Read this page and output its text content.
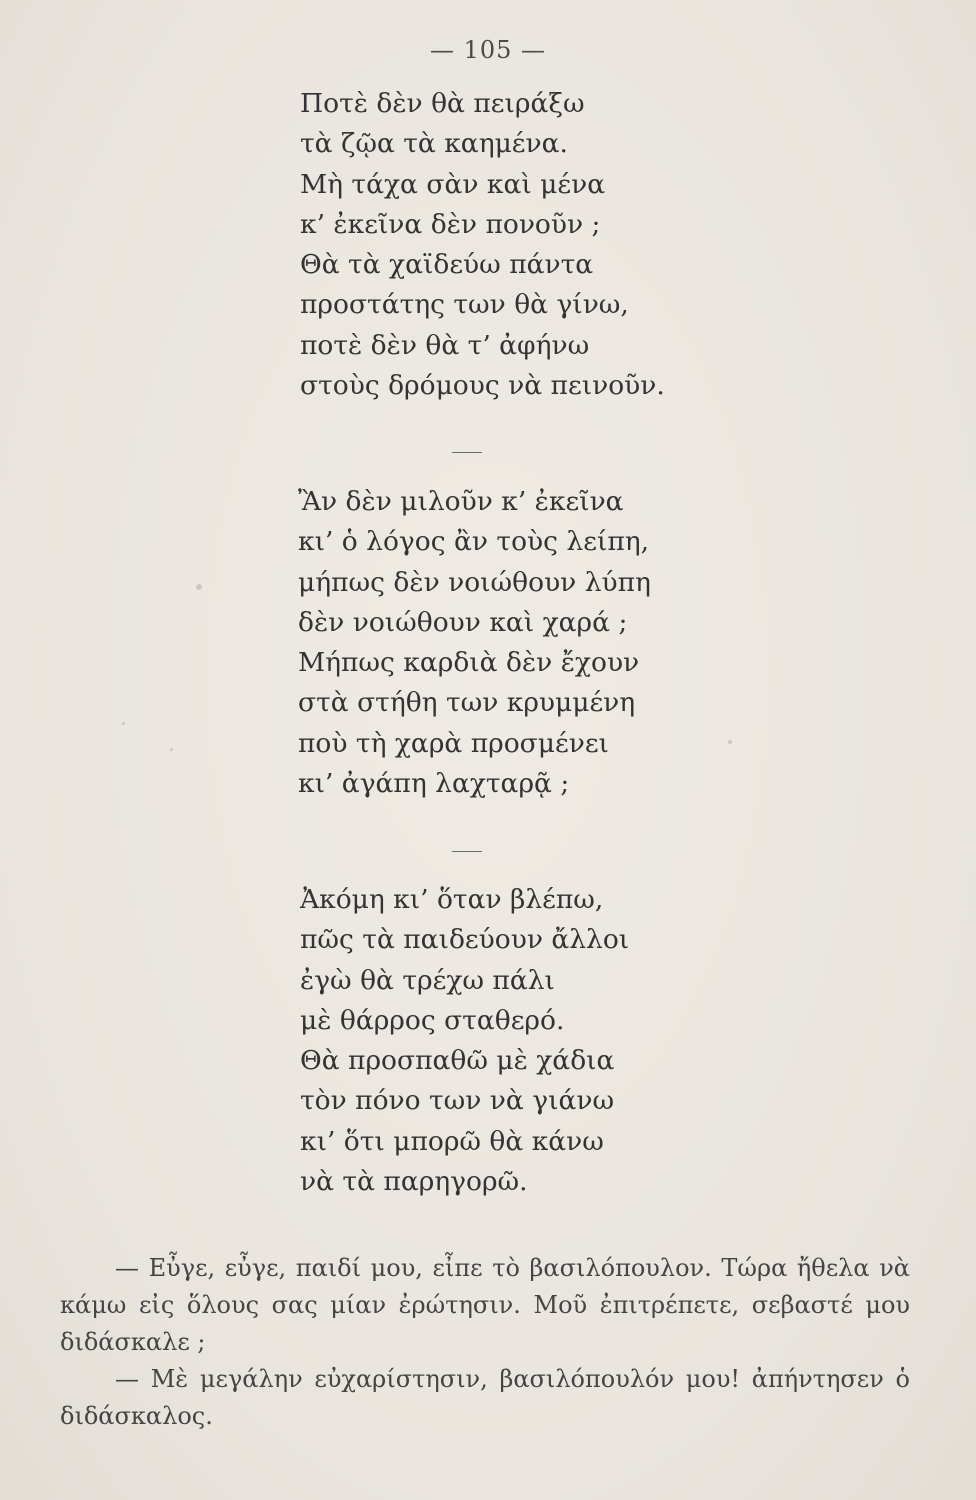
— 105 —
Ποτὲ δὲν θὰ πειράξω
τὰ ζῷα τὰ καημένα.
Μὴ τάχα σὰν καὶ μένα
κ’ ἐκεῖνα δὲν πονοῦν ;
Θὰ τὰ χαϊδεύω πάντα
προστάτης των θὰ γίνω,
ποτὲ δὲν θὰ τ’ ἀφήνω
στοὺς δρόμους νὰ πεινοῦν.
Ἂν δὲν μιλοῦν κ’ ἐκεῖνα
κι’ ὁ λόγος ἂν τοὺς λείπη,
μήπως δὲν νοιώθουν λύπη
δὲν νοιώθουν καὶ χαρά ;
Μήπως καρδιὰ δὲν ἔχουν
στὰ στήθη των κρυμμένη
ποὺ τὴ χαρὰ προσμένει
κι’ ἀγάπη λαχταρᾷ ;
Ἀκόμη κι’ ὅταν βλέπω,
πῶς τὰ παιδεύουν ἄλλοι
ἐγὼ θὰ τρέχω πάλι
μὲ θάρρος σταθερό.
Θὰ προσπαθῶ μὲ χάδια
τὸν πόνο των νὰ γιάνω
κι’ ὅτι μπορῶ θὰ κάνω
νὰ τὰ παρηγορῶ.

— Εὖγε, εὖγε, παιδί μου, εἶπε τὸ βασιλόπουλον. Τώρα ἤθελα νὰ κάμω εἰς ὅλους σας μίαν ἐρώτησιν. Μοῦ ἐπιτρέπετε, σεβαστέ μου διδάσκαλε ;

— Μὲ μεγάλην εὐχαρίστησιν, βασιλόπουλόν μου! ἀπήντησεν ὁ διδάσκαλος.
